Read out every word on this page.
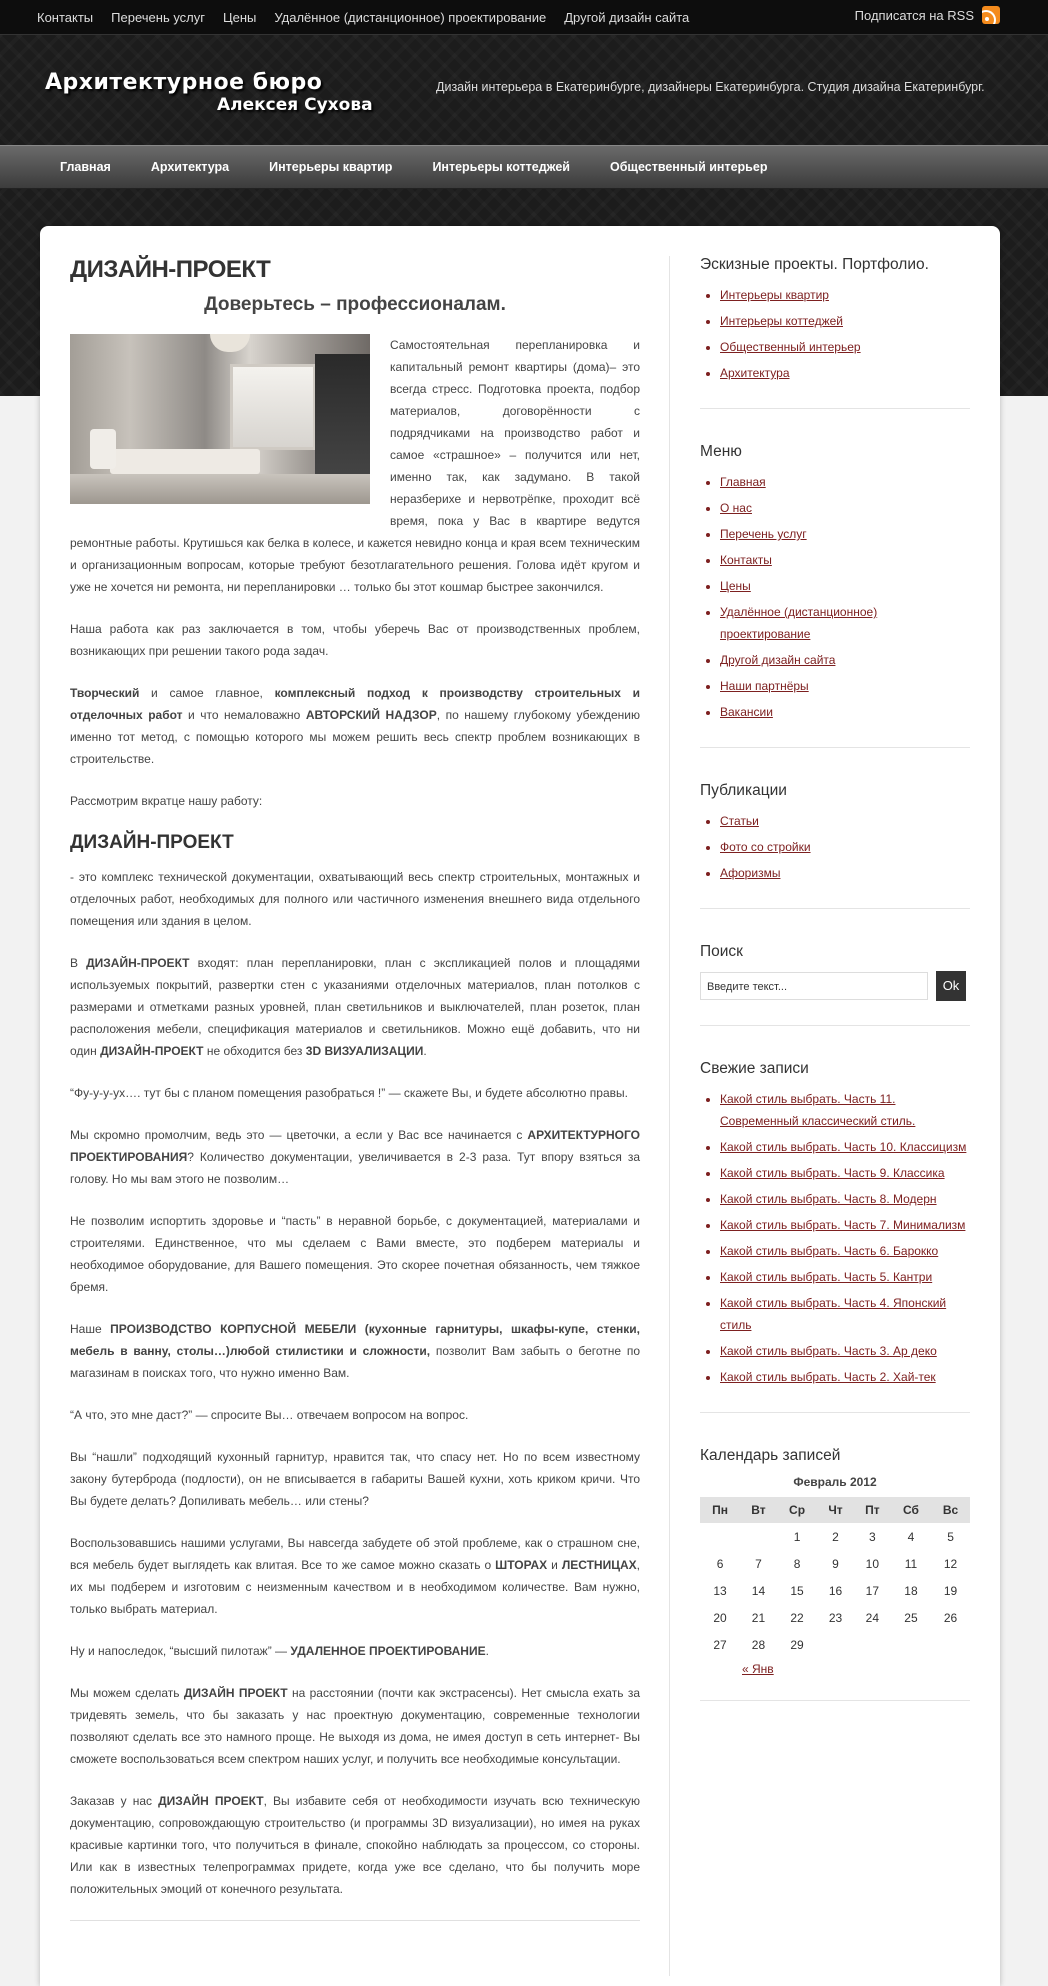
Контакты Перечень услуг Цены Удалённое (дистанционное) проектирование Другой дизайн сайта	Подписатся на RSS
Архитектурное бюро
Алексея Сухова
Дизайн интерьера в Екатеринбурге, дизайнеры Екатеринбурга. Студия дизайна Екатеринбург.
Главная	Архитектура	Интерьеры квартир	Интерьеры коттеджей	Общественный интерьер
ДИЗАЙН-ПРОЕКТ
Доверьтесь – профессионалам.

Самостоятельная перепланировка и капитальный ремонт квартиры (дома)– это всегда стресс. Подготовка проекта, подбор материалов, договорённости с подрядчиками на производство работ и самое «страшное» – получится или нет, именно так, как задумано. В такой неразберихе и нервотрёпке, проходит всё время, пока у Вас в квартире ведутся ремонтные работы. Крутишься как белка в колесе, и кажется невидно конца и края всем техническим и организационным вопросам, которые требуют безотлагательного решения. Голова идёт кругом и уже не хочется ни ремонта, ни перепланировки … только бы этот кошмар быстрее закончился.

Наша работа как раз заключается в том, чтобы уберечь Вас от производственных проблем, возникающих при решении такого рода задач.

Творческий и самое главное, комплексный подход к производству строительных и отделочных работ и что немаловажно АВТОРСКИЙ НАДЗОР, по нашему глубокому убеждению именно тот метод, с помощью которого мы можем решить весь спектр проблем возникающих в строительстве.

Рассмотрим вкратце нашу работу:

ДИЗАЙН-ПРОЕКТ

- это комплекс технической документации, охватывающий весь спектр строительных, монтажных и отделочных работ, необходимых для полного или частичного изменения внешнего вида отдельного помещения или здания в целом.

В ДИЗАЙН-ПРОЕКТ входят: план перепланировки, план с экспликацией полов и площадями используемых покрытий, развертки стен с указаниями отделочных материалов, план потолков с размерами и отметками разных уровней, план светильников и выключателей, план розеток, план расположения мебели, спецификация материалов и светильников. Можно ещё добавить, что ни один ДИЗАЙН-ПРОЕКТ не обходится без 3D ВИЗУАЛИЗАЦИИ.

“Фу-у-у-ух…. тут бы с планом помещения разобраться !” — скажете Вы, и будете абсолютно правы.

Мы скромно промолчим, ведь это — цветочки, а если у Вас все начинается с АРХИТЕКТУРНОГО ПРОЕКТИРОВАНИЯ? Количество документации, увеличивается в 2-3 раза. Тут впору взяться за голову. Но мы вам этого не позволим…

Не позволим испортить здоровье и “пасть” в неравной борьбе, с документацией, материалами и строителями. Единственное, что мы сделаем с Вами вместе, это подберем материалы и необходимое оборудование, для Вашего помещения. Это скорее почетная обязанность, чем тяжкое бремя.

Наше ПРОИЗВОДСТВО КОРПУСНОЙ МЕБЕЛИ (кухонные гарнитуры, шкафы-купе, стенки, мебель в ванну, столы…)любой стилистики и сложности, позволит Вам забыть о беготне по магазинам в поисках того, что нужно именно Вам.

“А что, это мне даст?” — спросите Вы… отвечаем вопросом на вопрос.

Вы “нашли” подходящий кухонный гарнитур, нравится так, что спасу нет. Но по всем известному закону бутерброда (подлости), он не вписывается в габариты Вашей кухни, хоть криком кричи. Что Вы будете делать? Допиливать мебель… или стены?

Воспользовавшись нашими услугами, Вы навсегда забудете об этой проблеме, как о страшном сне, вся мебель будет выглядеть как влитая. Все то же самое можно сказать о ШТОРАХ и ЛЕСТНИЦАХ, их мы подберем и изготовим с неизменным качеством и в необходимом количестве. Вам нужно, только выбрать материал.

Ну и напоследок, “высший пилотаж” — УДАЛЕННОЕ ПРОЕКТИРОВАНИЕ.

Мы можем сделать ДИЗАЙН ПРОЕКТ на расстоянии (почти как экстрасенсы). Нет смысла ехать за тридевять земель, что бы заказать у нас проектную документацию, современные технологии позволяют сделать все это намного проще. Не выходя из дома, не имея доступ в сеть интернет- Вы сможете воспользоваться всем спектром наших услуг, и получить все необходимые консультации.

Заказав у нас ДИЗАЙН ПРОЕКТ, Вы избавите себя от необходимости изучать всю техническую документацию, сопровождающую строительство (и программы 3D визуализации), но имея на руках красивые картинки того, что получиться в финале, спокойно наблюдать за процессом, со стороны. Или как в известных телепрограммах придете, когда уже все сделано, что бы получить море положительных эмоций от конечного результата.

Эскизные проекты. Портфолио.
• Интерьеры квартир
• Интерьеры коттеджей
• Общественный интерьер
• Архитектура
Меню
• Главная
• О нас
• Перечень услуг
• Контакты
• Цены
• Удалённое (дистанционное) проектирование
• Другой дизайн сайта
• Наши партнёры
• Вакансии
Публикации
• Статьи
• Фото со стройки
• Афоризмы
Поиск
Введите текст...	Ok
Свежие записи
• Какой стиль выбрать. Часть 11. Современный классический стиль.
• Какой стиль выбрать. Часть 10. Классицизм
• Какой стиль выбрать. Часть 9. Классика
• Какой стиль выбрать. Часть 8. Модерн
• Какой стиль выбрать. Часть 7. Минимализм
• Какой стиль выбрать. Часть 6. Барокко
• Какой стиль выбрать. Часть 5. Кантри
• Какой стиль выбрать. Часть 4. Японский стиль
• Какой стиль выбрать. Часть 3. Ар деко
• Какой стиль выбрать. Часть 2. Хай-тек
Календарь записей
Февраль 2012
Пн	Вт	Ср	Чт	Пт	Сб	Вс
		1	2	3	4	5
6	7	8	9	10	11	12
13	14	15	16	17	18	19
20	21	22	23	24	25	26
27	28	29				
« Янв
